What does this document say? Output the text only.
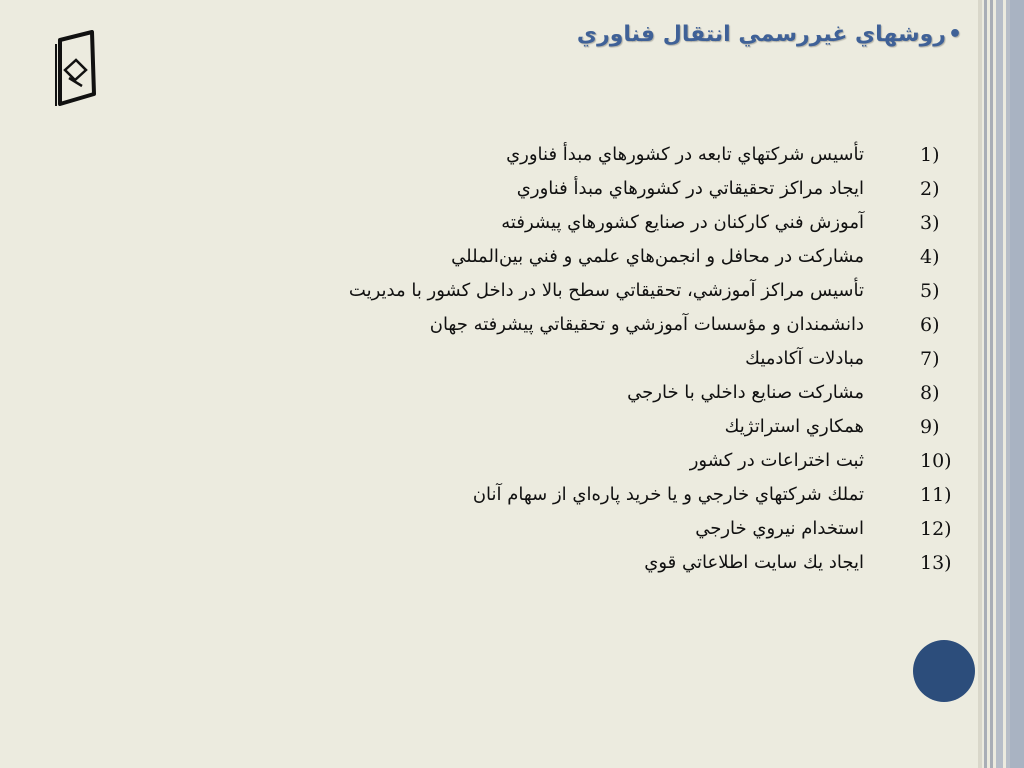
•روشهاي غيررسمي انتقال فناوري
1)
تأسيس شركتهاي تابعه در كشورهاي مبدأ فناوري
2)
ايجاد مراكز تحقيقاتي در كشورهاي مبدأ فناوري
3)
آموزش فني كاركنان در صنايع كشورهاي پيشرفته
4)
مشاركت در محافل و انجمن‌هاي علمي و فني بين‌المللي
5)
تأسيس مراكز آموزشي، تحقيقاتي سطح بالا در داخل كشور با مديريت
6)
دانشمندان و مؤسسات آموزشي و تحقيقاتي پيشرفته جهان
7)
مبادلات آكادميك
8)
مشاركت صنايع داخلي با خارجي
9)
همكاري استراتژيك
10)
ثبت اختراعات در كشور
11)
تملك شركتهاي خارجي و يا خريد پاره‌اي از سهام آنان
12)
استخدام نيروي خارجي
13)
ايجاد يك سايت اطلاعاتي قوي
